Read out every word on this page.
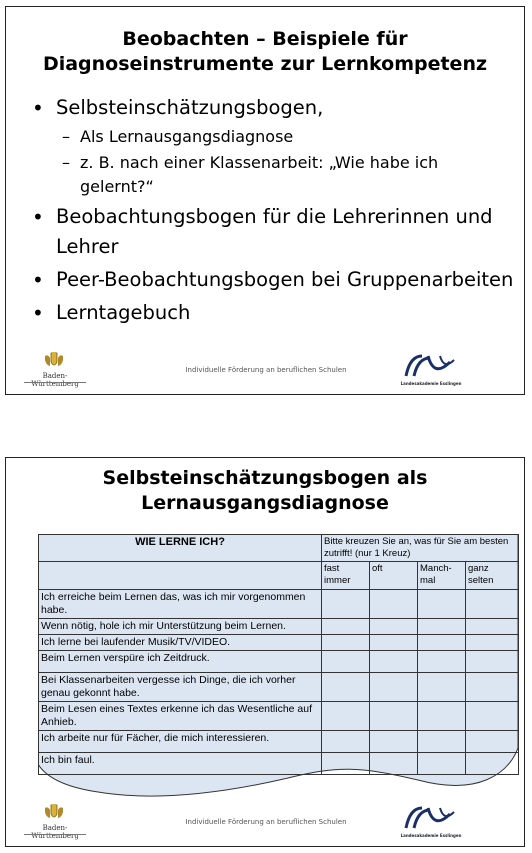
Beobachten – Beispiele für
Diagnoseinstrumente zur Lernkompetenz
• Selbsteinschätzungsbogen,
– Als Lernausgangsdiagnose
– z. B. nach einer Klassenarbeit: „Wie habe ich gelernt?“
• Beobachtungsbogen für die Lehrerinnen und Lehrer
• Peer-Beobachtungsbogen bei Gruppenarbeiten
• Lerntagebuch
Baden-Württemberg
Individuelle Förderung an beruflichen Schulen
Landesakademie Esslingen
Selbsteinschätzungsbogen als
Lernausgangsdiagnose
WIE LERNE ICH?	Bitte kreuzen Sie an, was für Sie am besten zutrifft! (nur 1 Kreuz)			
	fast immer	oft	Manch-mal	ganz selten
Ich erreiche beim Lernen das, was ich mir vorgenommen habe.				
Wenn nötig, hole ich mir Unterstützung beim Lernen.				
Ich lerne bei laufender Musik/TV/VIDEO.				
Beim Lernen verspüre ich Zeitdruck.				
Bei Klassenarbeiten vergesse ich Dinge, die ich vorher genau gekonnt habe.				
Beim Lesen eines Textes erkenne ich das Wesentliche auf Anhieb.				
Ich arbeite nur für Fächer, die mich interessieren.				
Ich bin faul.				
Baden-Württemberg
Individuelle Förderung an beruflichen Schulen
Landesakademie Esslingen
